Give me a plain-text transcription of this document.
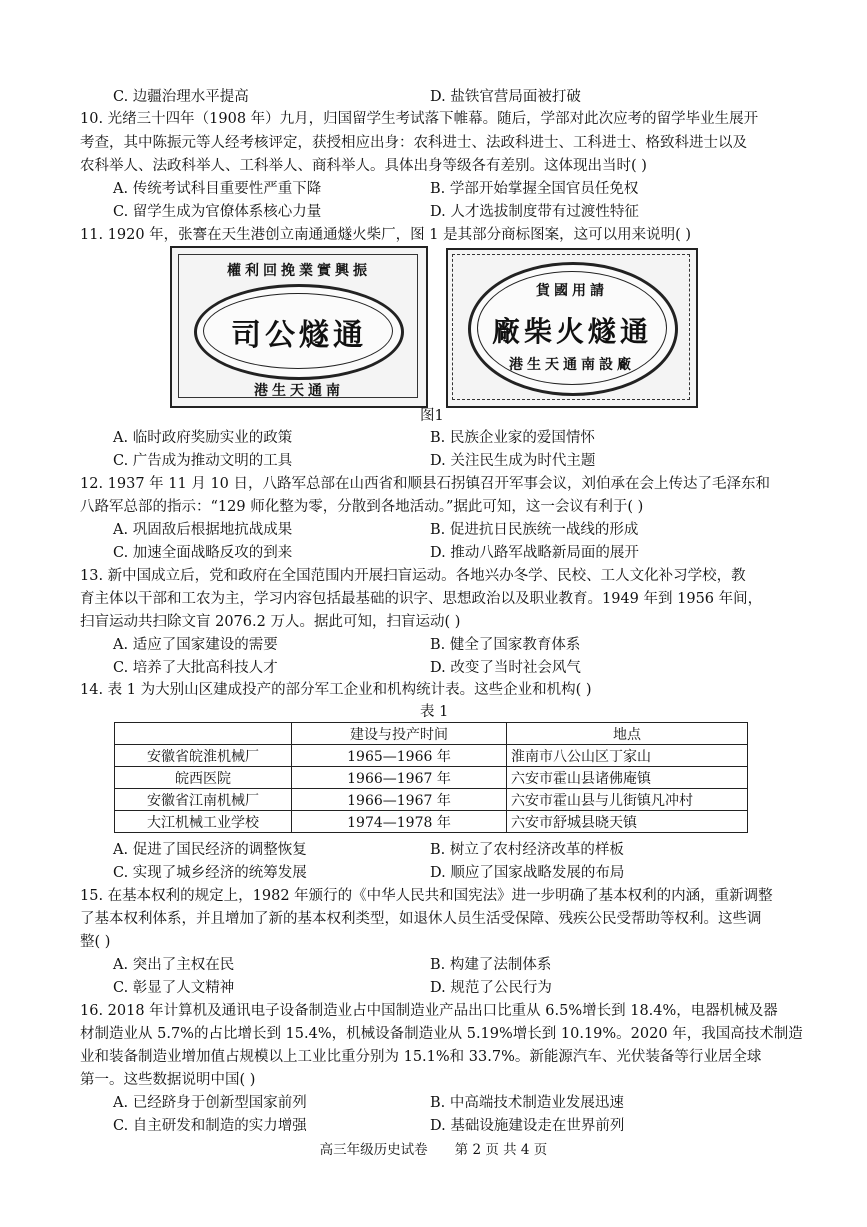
C. 边疆治理水平提高	D. 盐铁官营局面被打破
10. 光绪三十四年（1908 年）九月，归国留学生考试落下帷幕。随后，学部对此次应考的留学毕业生展开
考查，其中陈振元等人经考核评定，获授相应出身：农科进士、法政科进士、工科进士、格致科进士以及
农科举人、法政科举人、工科举人、商科举人。具体出身等级各有差别。这体现出当时( )
A. 传统考试科目重要性严重下降	B. 学部开始掌握全国官员任免权
C. 留学生成为官僚体系核心力量	D. 人才选拔制度带有过渡性特征
11. 1920 年，张謇在天生港创立南通通燧火柴厂，图 1 是其部分商标图案，这可以用来说明( )
權利回挽業實興振
司公燧通
港生天通南
貨國用請
廠柴火燧通
港生天通南設廠
图1
A. 临时政府奖励实业的政策	B. 民族企业家的爱国情怀
C. 广告成为推动文明的工具	D. 关注民生成为时代主题
12. 1937 年 11 月 10 日，八路军总部在山西省和顺县石拐镇召开军事会议，刘伯承在会上传达了毛泽东和
八路军总部的指示：“129 师化整为零，分散到各地活动。”据此可知，这一会议有利于( )
A. 巩固敌后根据地抗战成果	B. 促进抗日民族统一战线的形成
C. 加速全面战略反攻的到来	D. 推动八路军战略新局面的展开
13. 新中国成立后，党和政府在全国范围内开展扫盲运动。各地兴办冬学、民校、工人文化补习学校，教
育主体以干部和工农为主，学习内容包括最基础的识字、思想政治以及职业教育。1949 年到 1956 年间，
扫盲运动共扫除文盲 2076.2 万人。据此可知，扫盲运动( )
A. 适应了国家建设的需要	B. 健全了国家教育体系
C. 培养了大批高科技人才	D. 改变了当时社会风气
14. 表 1 为大别山区建成投产的部分军工企业和机构统计表。这些企业和机构( )
表 1
	建设与投产时间	地点
安徽省皖淮机械厂	1965—1966 年	淮南市八公山区丁家山
皖西医院	1966—1967 年	六安市霍山县诸佛庵镇
安徽省江南机械厂	1966—1967 年	六安市霍山县与儿街镇凡冲村
大江机械工业学校	1974—1978 年	六安市舒城县晓天镇
A. 促进了国民经济的调整恢复	B. 树立了农村经济改革的样板
C. 实现了城乡经济的统筹发展	D. 顺应了国家战略发展的布局
15. 在基本权利的规定上，1982 年颁行的《中华人民共和国宪法》进一步明确了基本权利的内涵，重新调整
了基本权利体系，并且增加了新的基本权利类型，如退休人员生活受保障、残疾公民受帮助等权利。这些调
整( )
A. 突出了主权在民	B. 构建了法制体系
C. 彰显了人文精神	D. 规范了公民行为
16. 2018 年计算机及通讯电子设备制造业占中国制造业产品出口比重从 6.5%增长到 18.4%，电器机械及器
材制造业从 5.7%的占比增长到 15.4%，机械设备制造业从 5.19%增长到 10.19%。2020 年，我国高技术制造
业和装备制造业增加值占规模以上工业比重分别为 15.1%和 33.7%。新能源汽车、光伏装备等行业居全球
第一。这些数据说明中国( )
A. 已经跻身于创新型国家前列	B. 中高端技术制造业发展迅速
C. 自主研发和制造的实力增强	D. 基础设施建设走在世界前列
高三年级历史试卷　　第 2 页 共 4 页
